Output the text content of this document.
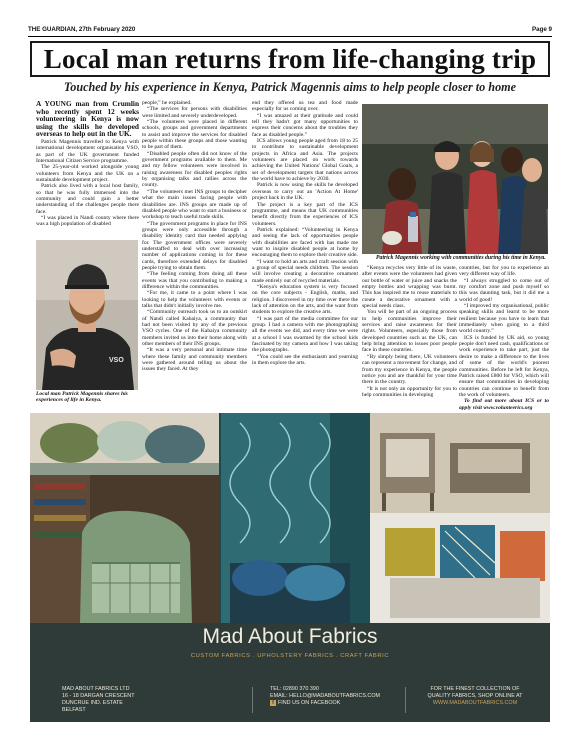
THE GUARDIAN, 27th February 2020	Page 9
Local man returns from life-changing trip
Touched by his experience in Kenya, Patrick Magennis aims to help people closer to home

A YOUNG man from Crumlin who recently spent 12 weeks volunteering in Kenya is now using the skills he developed overseas to help out in the UK.

Patrick Magennis travelled to Kenya with international development organisation VSO, as part of the UK government funded International Citizen Service programme.

The 25-year-old worked alongside young volunteers from Kenya and the UK on a sustainable development project.

Patrick also lived with a local host family, so that he was fully immersed into the community and could gain a better understanding of the challenges people there face.

“I was placed in Nandi county where there was a high population of disabled

VSO
Local man Patrick Magennis shares his experiences of life in Kenya.

people,” he explained.

“The services for persons with disabilities were limited and severely underdeveloped.

“The volunteers were placed in different schools, groups and government departments to assist and improve the services for disabled people within these groups and those wanting to be part of them.

“Disabled people often did not know of the government programs available to them. Me and my fellow volunteers were involved in raising awareness for disabled peoples rights by organising talks and rallies across the county.

“The volunteers met INS groups to decipher what the main issues facing people with disabilities are. INS groups are made up of disabled people who want to start a business or workshop to teach useful trade skills.

“The government programs in place for INS groups were only accessible through a disability identity card that needed applying for. The government offices were severely understaffed to deal with over increasing number of applications coming in for these cards, therefore extended delays for disabled people trying to obtain them.

“The feeling coming from doing all these events was that you contributing to making a difference within the communities.

“For me, it came to a point where I was looking to help the volunteers with events or talks that didn't initially involve me.

“Community outreach took us to an outskirt of Nandi called Kabaiya, a community that had not been visited by any of the previous VSO cycles. One of the Kabaiya community members invited us into their home along with other members of their INS groups.

“It was a very personal and intimate time where these family and community members were gathered around telling us about the issues they faced. At they

end they offered us tea and food made especially for us coming over.

“I was amazed at their gratitude and could tell they hadn't got many opportunities to express their concerns about the troubles they face as disabled people.”

ICS allows young people aged from 18 to 25 to contribute to sustainable development projects in Africa and Asia. The projects volunteers are placed on work towards achieving the United Nations' Global Goals, a set of development targets that nations across the world have to achieve by 2030.

Patrick is now using the skills he developed overseas to carry out an 'Action At Home' project back in the UK.

The project is a key part of the ICS programme, and means that UK communities benefit directly from the experiences of ICS volunteers.

Patrick explained: “Volunteering in Kenya and seeing the lack of opportunities people with disabilities are faced with has made me want to inspire disabled people at home by encouraging them to explore their creative side.

“I want to hold an arts and craft session with a group of special needs children. The session will involve creating a decorative ornament made entirely out of recycled materials.

“Kenya's education system is very focused on the core subjects - English, maths, and religion. I discovered in my time over there the lack of attention on the arts, and the want from students to explore the creative arts.

“I was part of the media committee for our group. I had a camera with me photographing all the events we did, and every time we were at a school I was swarmed by the school kids fascinated by my camera and how I was taking the photographs.

“You could see the enthusiasm and yearning in them explore the arts.

Patrick Magennis working with communities during his time in Kenya.

“Kenya recycles very little of its waste, after events were the volunteers had given our bottle of water or juice and snacks the empty bottles and wrapping was burnt. This has inspired me to reuse materials to create a decorative ornament with a special needs class.

You will be part of an ongoing process to help communities improve their services and raise awareness for their rights. Volunteers, especially those from developed countries such as the UK, can help bring attention to issues poor people face in these countries.

“By simply being there, UK volunteers can represent a movement for change, and from my experience in Kenya, the people notice you and are thankful for your time there in the country.

“It is not only an opportunity for you to help communities in developing

countries, but for you to experience an very different way of life.

“I always struggled to come out of my comfort zone and push myself so this was daunting task, but it did me a world of good!

“I improved my organisational, public speaking skills and learnt to be more resilient because you have to learn that immediately when going to a third world country.”

ICS is funded by UK aid, so young people don't need cash, qualifications or work experience to take part, just the desire to make a difference to the lives of some of the world's poorest communities. Before he left for Kenya, Patrick raised £800 for VSO, which will ensure that communities in developing countries can continue to benefit from the work of volunteers.

To find out more about ICS or to apply visit www.volunteerics.org

Mad About Fabrics
CUSTOM FABRICS . UPHOLSTERY FABRICS . CRAFT FABRIC
MAD ABOUT FABRICS LTD
16 - 18 DARGAN CRESCENT
DUNCRUE IND. ESTATE
BELFAST
TEL: 02890 370 390
EMAIL: HELLO@MADABOUTFABRICS.COM
f FIND US ON FACEBOOK
FOR THE FINEST COLLECTION OF
QUALITY FABRICS, SHOP ONLINE AT
WWW.MADABOUTFABRICS.COM
